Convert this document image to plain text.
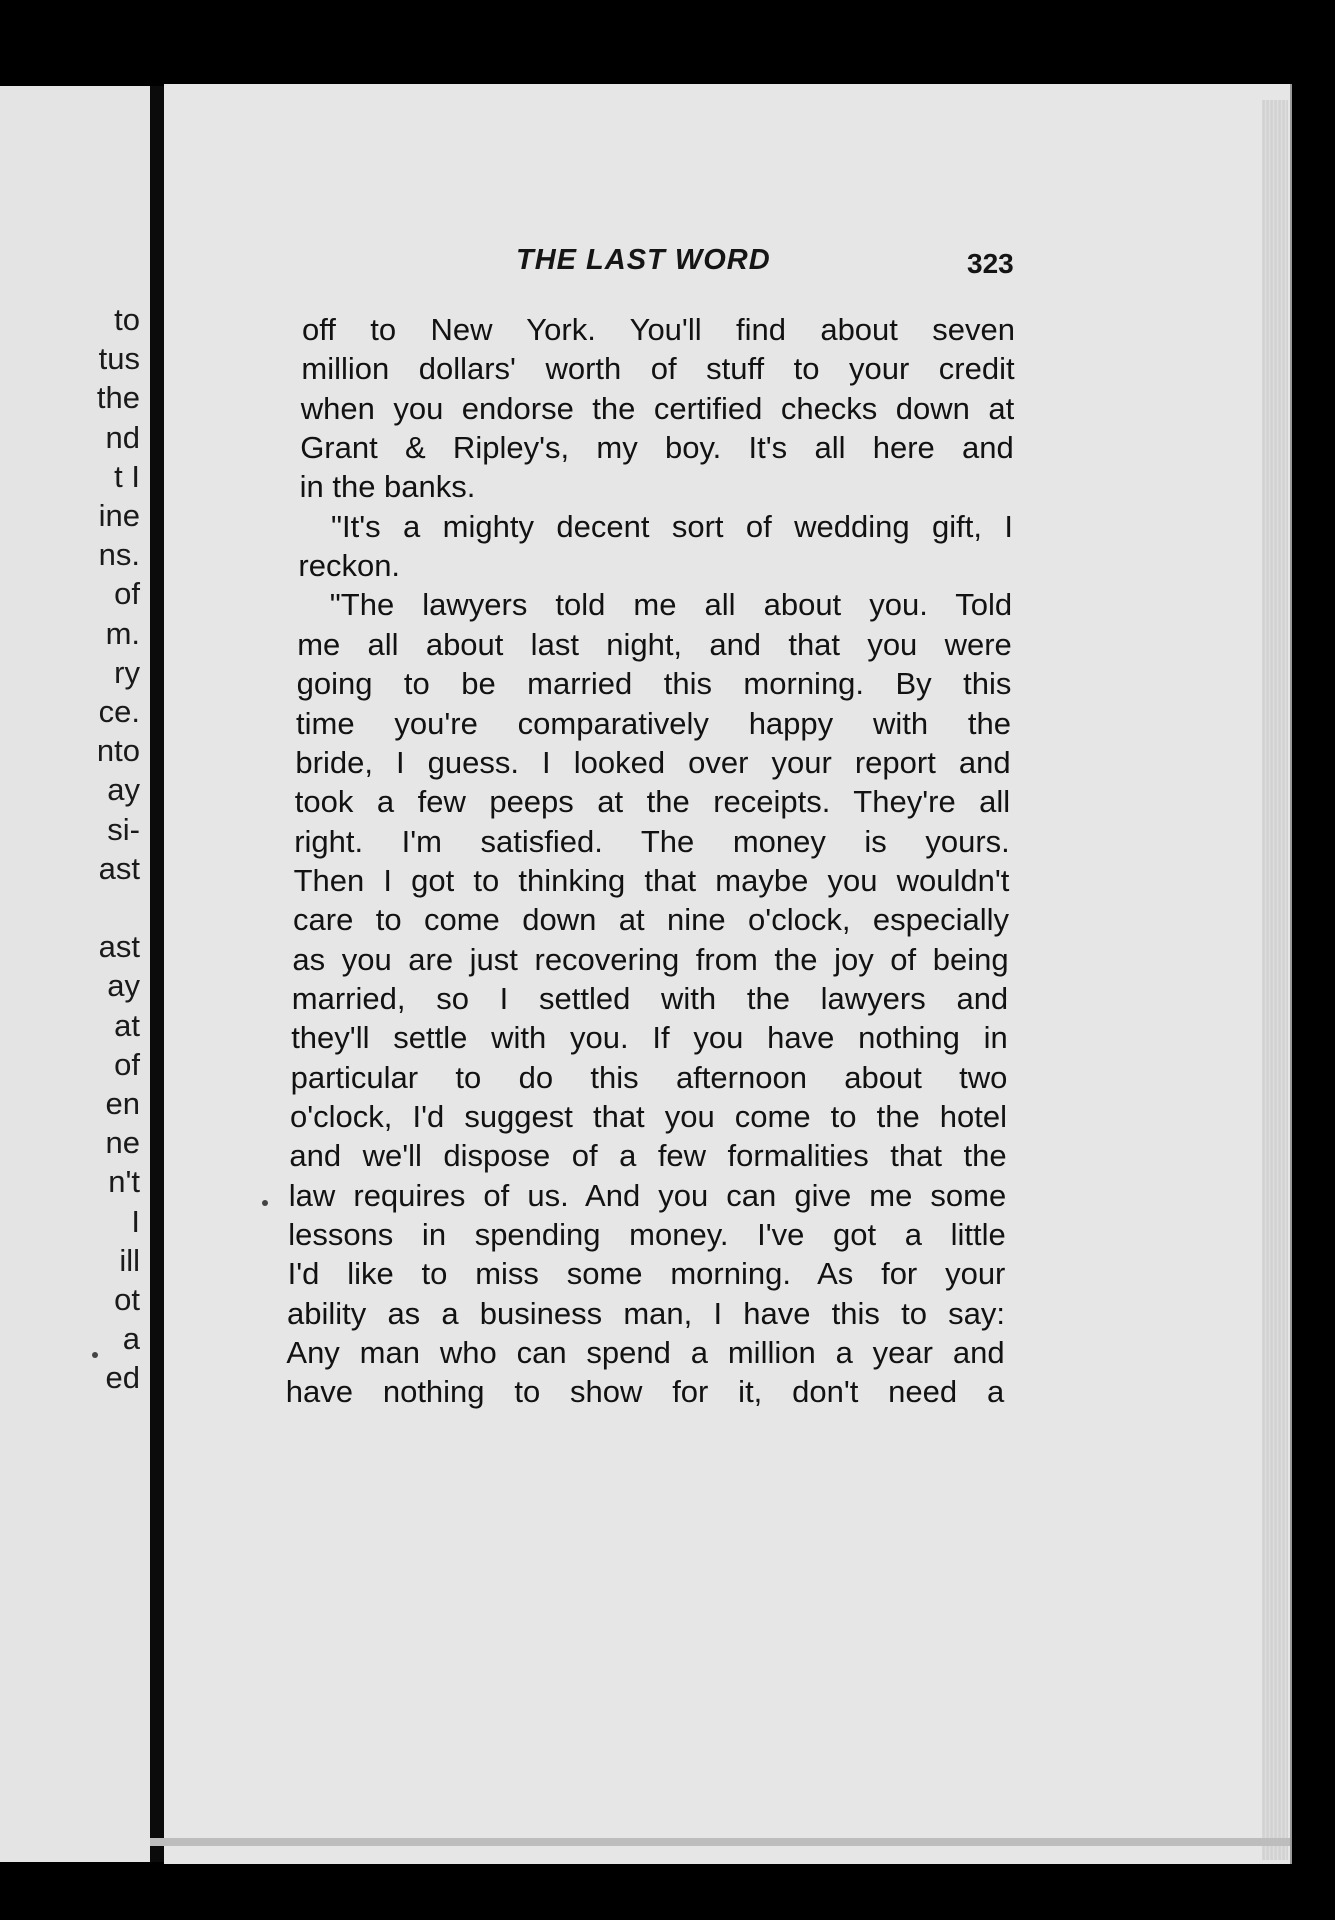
to
tus
the
nd
t I
ine
ns.
of
m.
ry
ce.
nto
ay
si-
ast
ast
ay
at
of
en
ne
n't
I
ill
ot
a
ed
THE LAST WORD	323
off to New York. You'll find about seven
million dollars' worth of stuff to your credit
when you endorse the certified checks down at
Grant & Ripley's, my boy. It's all here and
in the banks.
"It's a mighty decent sort of wedding gift, I
reckon.
"The lawyers told me all about you. Told
me all about last night, and that you were
going to be married this morning. By this
time you're comparatively happy with the
bride, I guess. I looked over your report and
took a few peeps at the receipts. They're all
right. I'm satisfied. The money is yours.
Then I got to thinking that maybe you wouldn't
care to come down at nine o'clock, especially
as you are just recovering from the joy of being
married, so I settled with the lawyers and
they'll settle with you. If you have nothing in
particular to do this afternoon about two
o'clock, I'd suggest that you come to the hotel
and we'll dispose of a few formalities that the
law requires of us. And you can give me some
lessons in spending money. I've got a little
I'd like to miss some morning. As for your
ability as a business man, I have this to say:
Any man who can spend a million a year and
have nothing to show for it, don't need a
